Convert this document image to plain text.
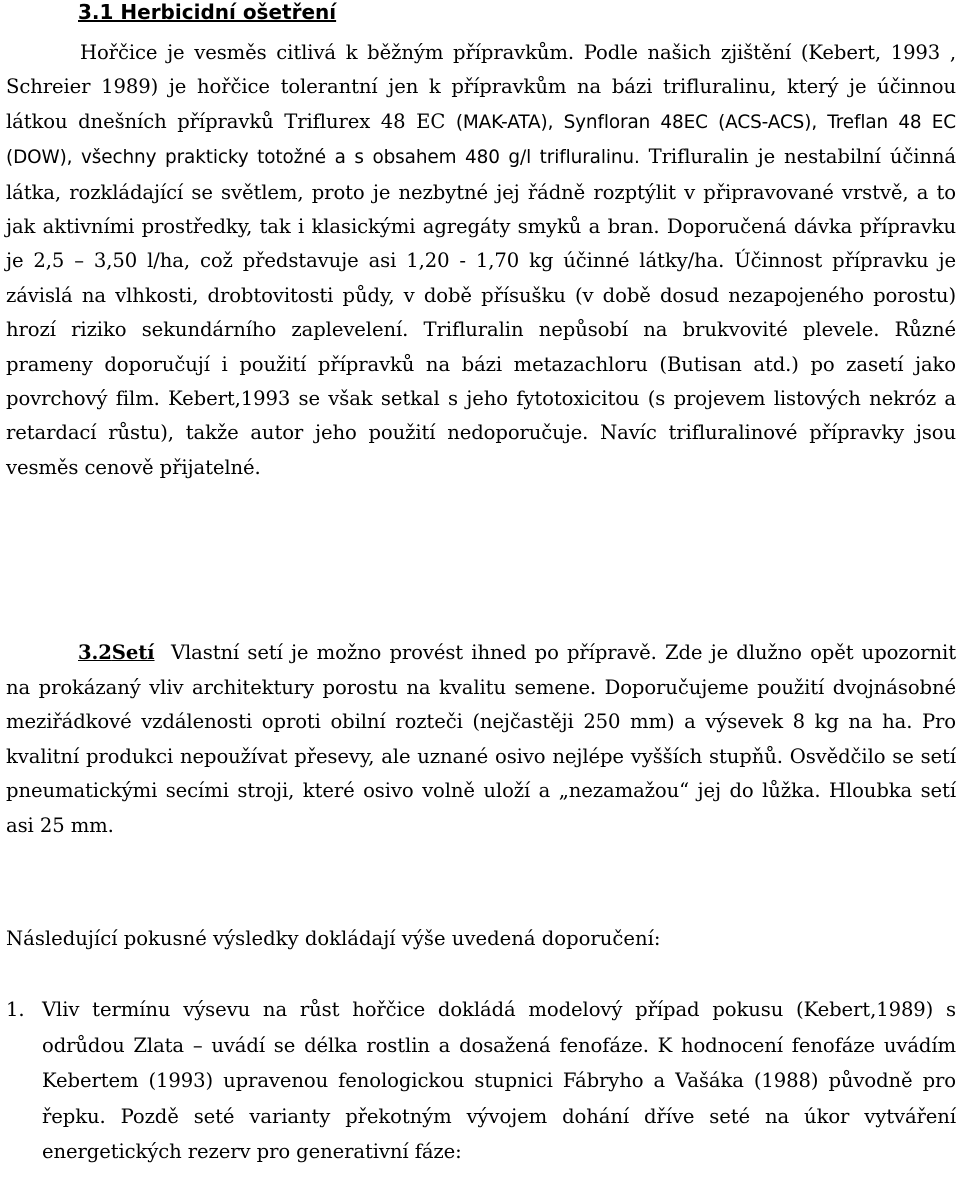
3.1 Herbicidní ošetření
Hořčice je vesměs citlivá k běžným přípravkům. Podle našich zjištění (Kebert, 1993 , Schreier 1989) je hořčice tolerantní jen k přípravkům na bázi trifluralinu, který je účinnou látkou dnešních přípravků Triflurex 48 EC (MAK-ATA), Synfloran 48EC (ACS-ACS), Treflan 48 EC (DOW), všechny prakticky totožné a s obsahem 480 g/l trifluralinu. Trifluralin je nestabilní účinná látka, rozkládající se světlem, proto je nezbytné jej řádně rozptýlit v připravované vrstvě, a to jak aktivními prostředky, tak i klasickými agregáty smyků a bran. Doporučená dávka přípravku je 2,5 – 3,50 l/ha, což představuje asi 1,20 - 1,70 kg účinné látky/ha. Účinnost přípravku je závislá na vlhkosti, drobtovitosti půdy, v době přísušku (v době dosud nezapojeného porostu) hrozí riziko sekundárního zaplevelení. Trifluralin nepůsobí na brukvovité plevele. Různé prameny doporučují i použití přípravků na bázi metazachloru (Butisan atd.) po zasetí jako povrchový film. Kebert,1993 se však setkal s jeho fytotoxicitou (s projevem listových nekróz a retardací růstu), takže autor jeho použití nedoporučuje. Navíc trifluralinové přípravky jsou vesměs cenově přijatelné.
3.2Setí Vlastní setí je možno provést ihned po přípravě. Zde je dlužno opět upozornit na prokázaný vliv architektury porostu na kvalitu semene. Doporučujeme použití dvojnásobné meziřádkové vzdálenosti oproti obilní rozteči (nejčastěji 250 mm) a výsevek 8 kg na ha. Pro kvalitní produkci nepoužívat přesevy, ale uznané osivo nejlépe vyšších stupňů. Osvědčilo se setí pneumatickými secími stroji, které osivo volně uloží a „nezamažou“ jej do lůžka. Hloubka setí asi 25 mm.
Následující pokusné výsledky dokládají výše uvedená doporučení:
1. Vliv termínu výsevu na růst hořčice dokládá modelový případ pokusu (Kebert,1989) s odrůdou Zlata – uvádí se délka rostlin a dosažená fenofáze. K hodnocení fenofáze uvádím Kebertem (1993) upravenou fenologickou stupnici Fábryho a Vašáka (1988) původně pro řepku. Pozdě seté varianty překotným vývojem dohání dříve seté na úkor vytváření energetických rezerv pro generativní fáze:
